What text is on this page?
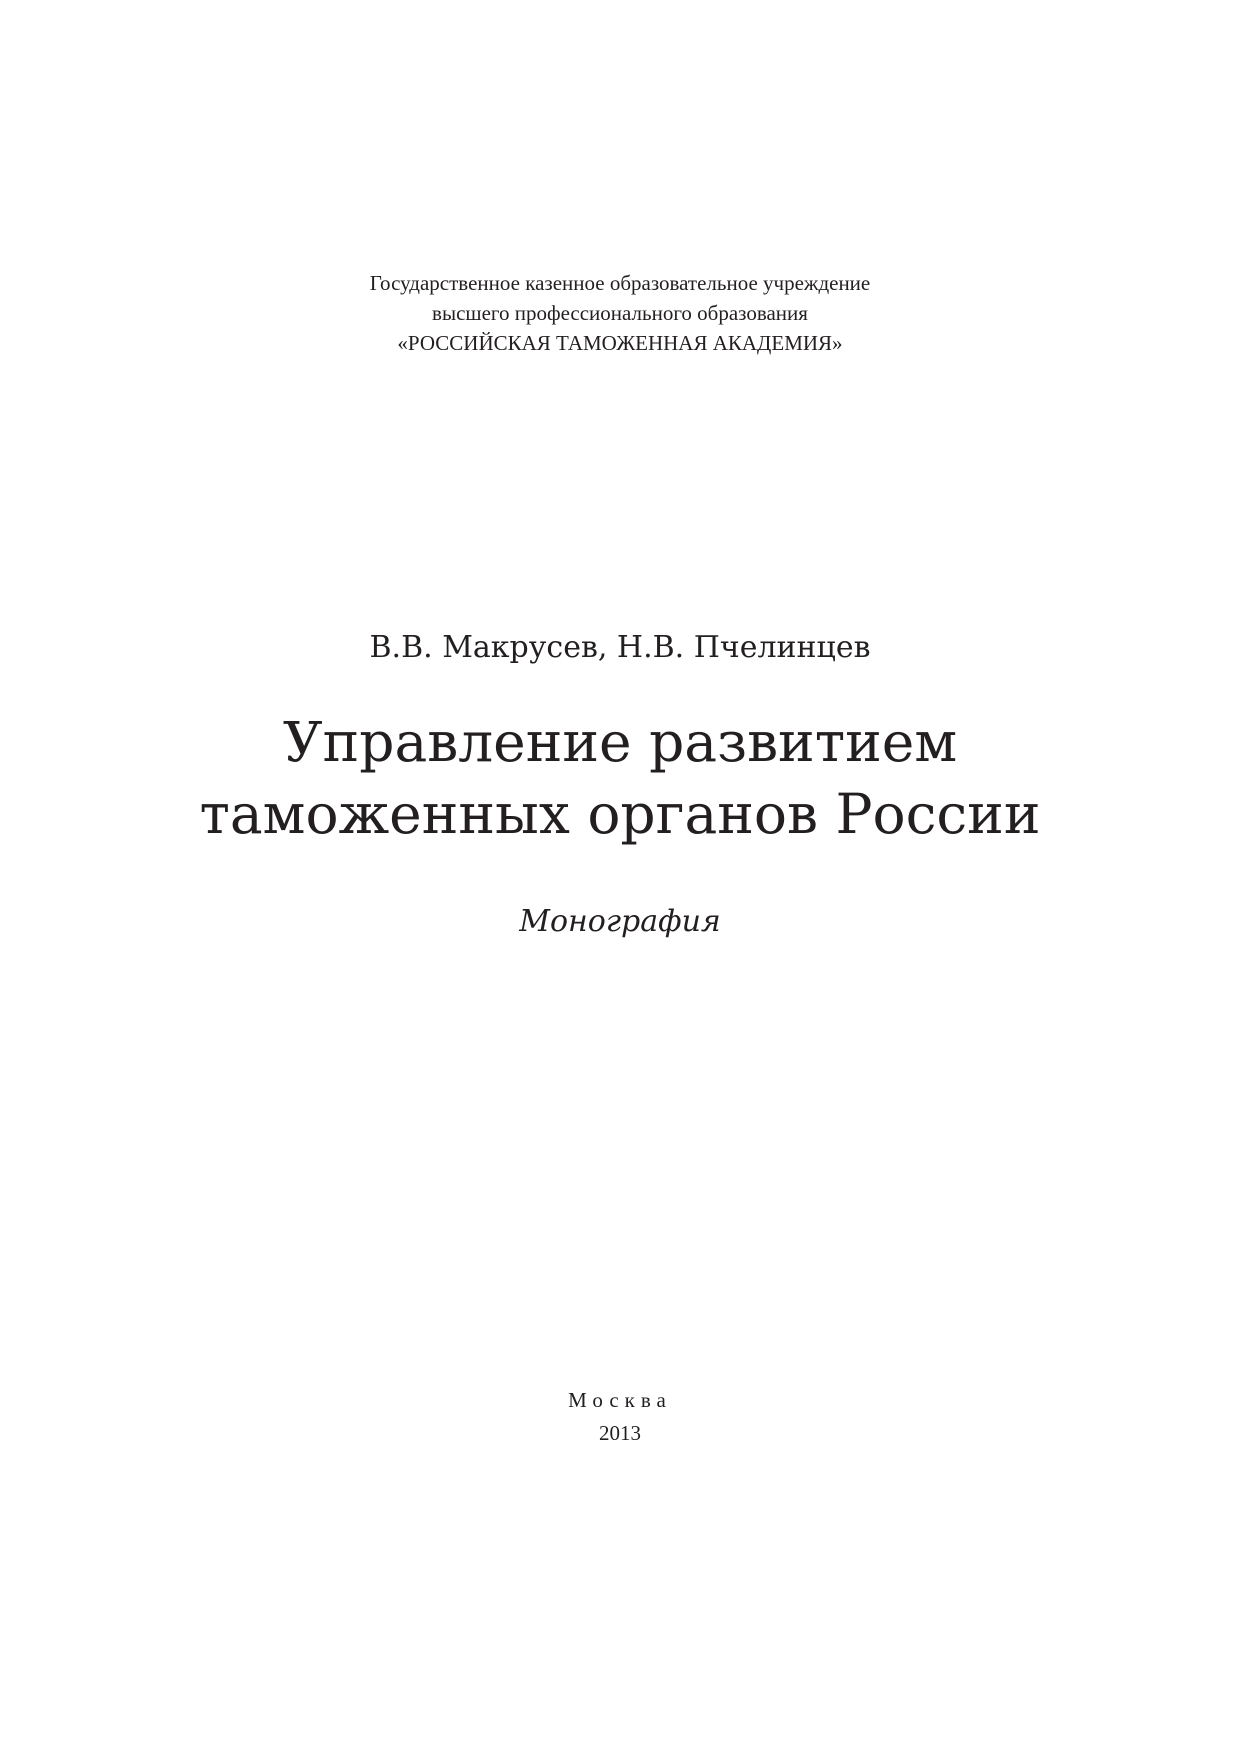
Государственное казенное образовательное учреждение
высшего профессионального образования
«РОССИЙСКАЯ ТАМОЖЕННАЯ АКАДЕМИЯ»
В.В. Макрусев, Н.В. Пчелинцев
Управление развитием
таможенных органов России
Монография
Москва
2013
